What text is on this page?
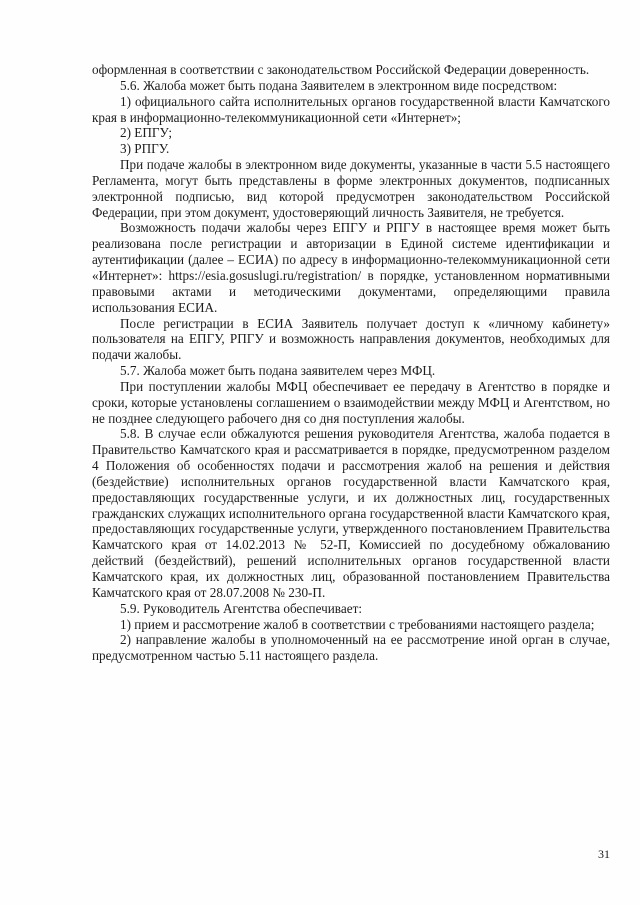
оформленная в соответствии с законодательством Российской Федерации доверенность.

5.6. Жалоба может быть подана Заявителем в электронном виде посредством:

1) официального сайта исполнительных органов государственной власти Камчатского края в информационно-телекоммуникационной сети «Интернет»;

2) ЕПГУ;

3) РПГУ.

При подаче жалобы в электронном виде документы, указанные в части 5.5 настоящего Регламента, могут быть представлены в форме электронных документов, подписанных электронной подписью, вид которой предусмотрен законодательством Российской Федерации, при этом документ, удостоверяющий личность Заявителя, не требуется.

Возможность подачи жалобы через ЕПГУ и РПГУ в настоящее время может быть реализована после регистрации и авторизации в Единой системе идентификации и аутентификации (далее – ЕСИА) по адресу в информационно-телекоммуникационной сети «Интернет»: https://esia.gosuslugi.ru/registration/ в порядке, установленном нормативными правовыми актами и методическими документами, определяющими правила использования ЕСИА.

После регистрации в ЕСИА Заявитель получает доступ к «личному кабинету» пользователя на ЕПГУ, РПГУ и возможность направления документов, необходимых для подачи жалобы.

5.7. Жалоба может быть подана заявителем через МФЦ.

При поступлении жалобы МФЦ обеспечивает ее передачу в Агентство в порядке и сроки, которые установлены соглашением о взаимодействии между МФЦ и Агентством, но не позднее следующего рабочего дня со дня поступления жалобы.

5.8. В случае если обжалуются решения руководителя Агентства, жалоба подается в Правительство Камчатского края и рассматривается в порядке, предусмотренном разделом 4 Положения об особенностях подачи и рассмотрения жалоб на решения и действия (бездействие) исполнительных органов государственной власти Камчатского края, предоставляющих государственные услуги, и их должностных лиц, государственных гражданских служащих исполнительного органа государственной власти Камчатского края, предоставляющих государственные услуги, утвержденного постановлением Правительства Камчатского края от 14.02.2013 № 52-П, Комиссией по досудебному обжалованию действий (бездействий), решений исполнительных органов государственной власти Камчатского края, их должностных лиц, образованной постановлением Правительства Камчатского края от 28.07.2008 № 230-П.

5.9. Руководитель Агентства обеспечивает:

1) прием и рассмотрение жалоб в соответствии с требованиями настоящего раздела;

2) направление жалобы в уполномоченный на ее рассмотрение иной орган в случае, предусмотренном частью 5.11 настоящего раздела.

31
